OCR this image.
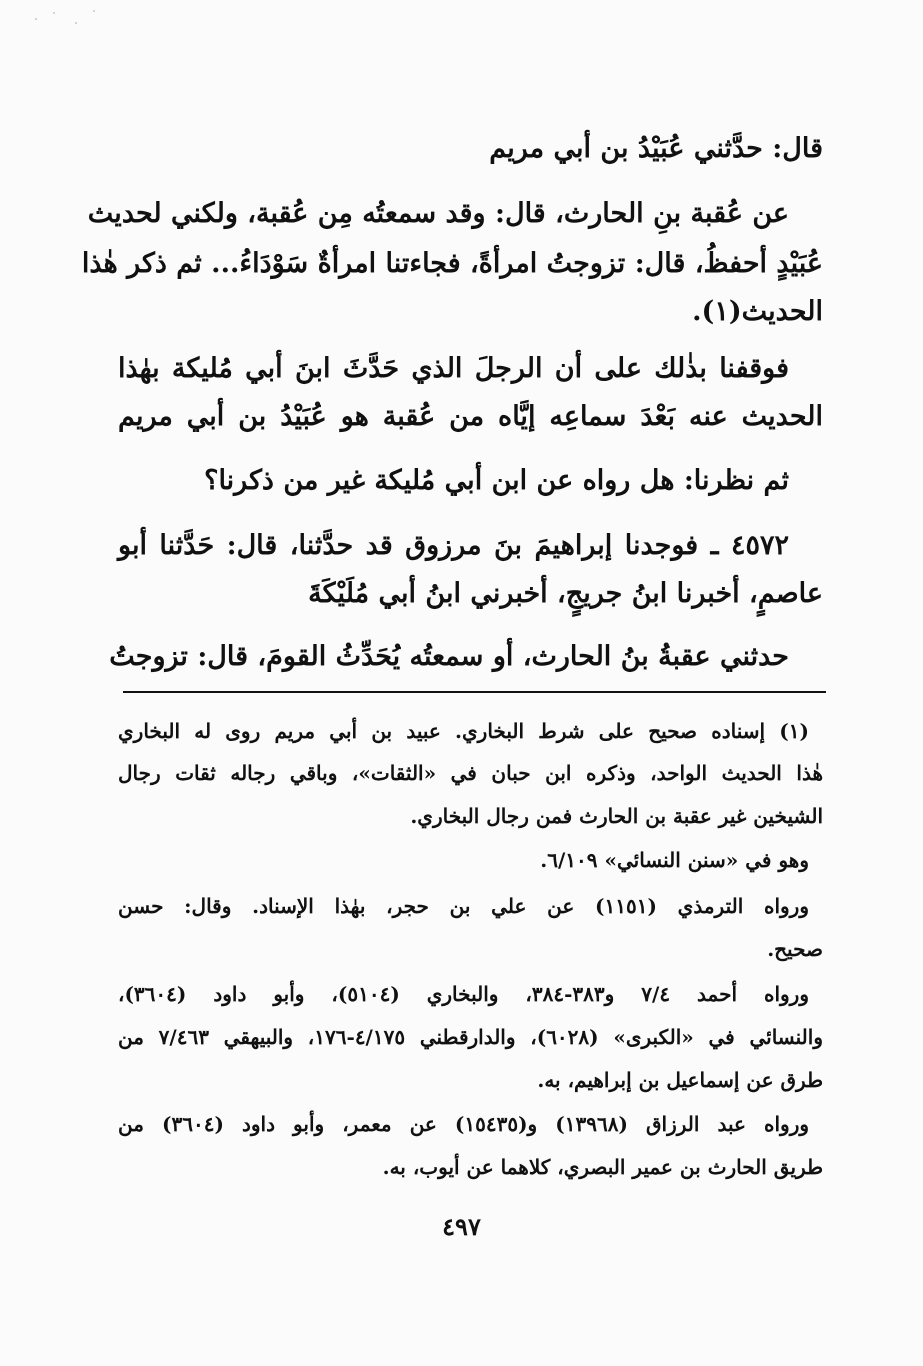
قال: حدَّثني عُبَيْدُ بن أبي مريم

عن عُقبة بنِ الحارث، قال: وقد سمعتُه مِن عُقبة، ولكني لحديث

عُبَيْدٍ أحفظُ، قال: تزوجتُ امرأةً، فجاءتنا امرأةٌ سَوْدَاءُ... ثم ذكر هٰذا

الحديث(١).

فوقفنا بذٰلك على أن الرجلَ الذي حَدَّثَ ابنَ أبي مُليكة بهٰذا

الحديث عنه بَعْدَ سماعِه إيَّاه من عُقبة هو عُبَيْدُ بن أبي مريم

ثم نظرنا: هل رواه عن ابن أبي مُليكة غير من ذكرنا؟

٤٥٧٢ ـ فوجدنا إبراهيمَ بنَ مرزوق قد حدَّثنا، قال: حَدَّثنا أبو

عاصمٍ، أخبرنا ابنُ جريجٍ، أخبرني ابنُ أبي مُلَيْكَةَ

حدثني عقبةُ بنُ الحارث، أو سمعتُه يُحَدِّثُ القومَ، قال: تزوجتُ

(١) إسناده صحيح على شرط البخاري. عبيد بن أبي مريم روى له البخاري

هٰذا الحديث الواحد، وذكره ابن حبان في «الثقات»، وباقي رجاله ثقات رجال

الشيخين غير عقبة بن الحارث فمن رجال البخاري.

وهو في «سنن النسائي» ٦/١٠٩.

ورواه الترمذي (١١٥١) عن علي بن حجر، بهٰذا الإسناد. وقال: حسن

صحيح.

ورواه أحمد ٧/٤ و٣٨٣-٣٨٤، والبخاري (٥١٠٤)، وأبو داود (٣٦٠٤)،

والنسائي في «الكبرى» (٦٠٢٨)، والدارقطني ٤/١٧٥-١٧٦، والبيهقي ٧/٤٦٣ من

طرق عن إسماعيل بن إبراهيم، به.

ورواه عبد الرزاق (١٣٩٦٨) و(١٥٤٣٥) عن معمر، وأبو داود (٣٦٠٤) من

طريق الحارث بن عمير البصري، كلاهما عن أيوب، به.

٤٩٧
